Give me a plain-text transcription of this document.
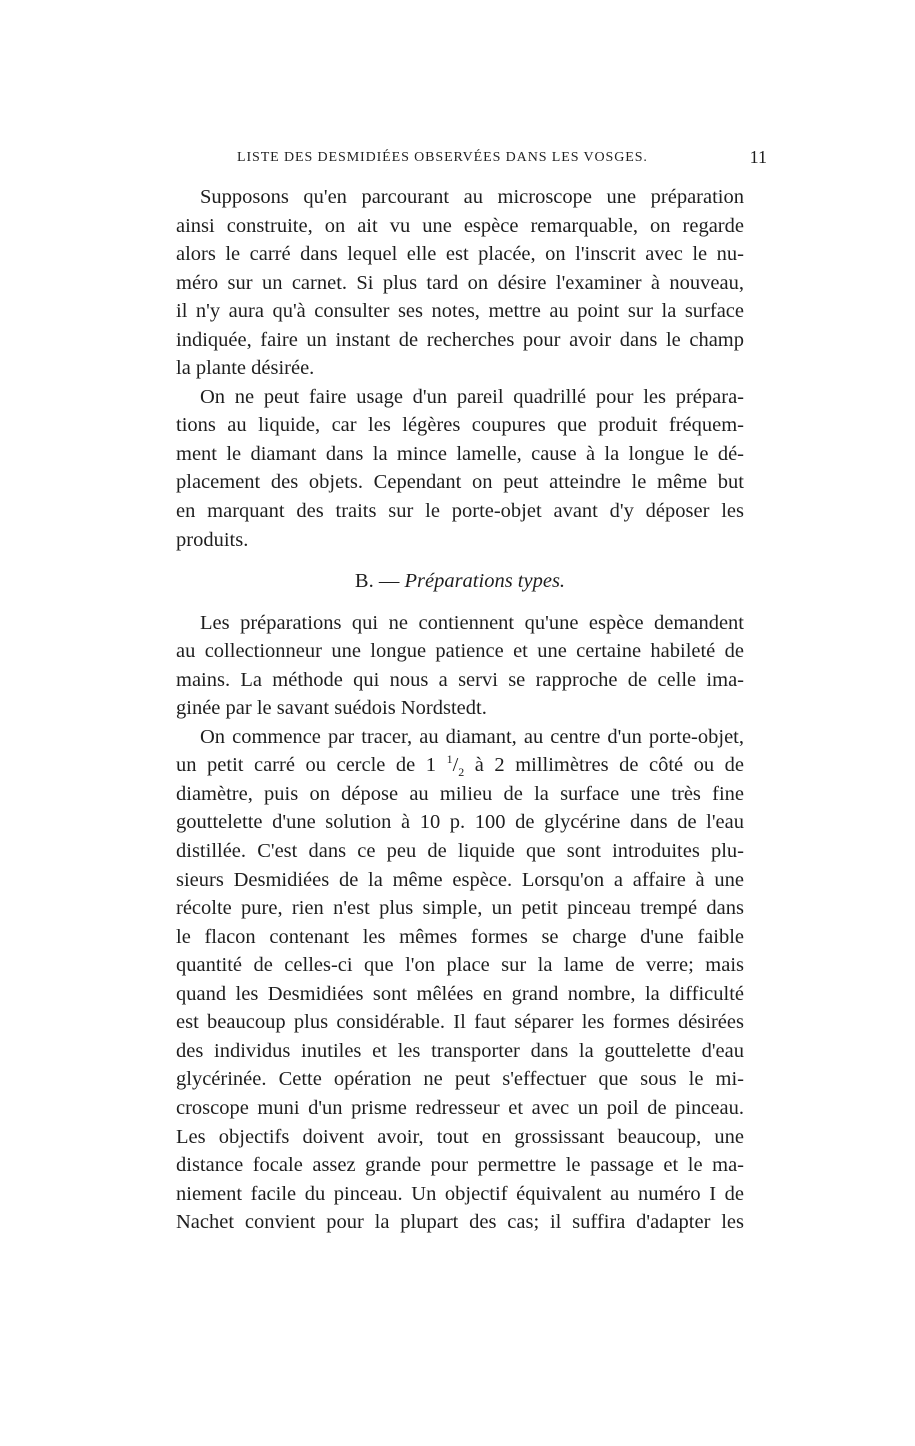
LISTE DES DESMIDIÉES OBSERVÉES DANS LES VOSGES.	11

Supposons qu'en parcourant au microscope une préparation
ainsi construite, on ait vu une espèce remarquable, on regarde
alors le carré dans lequel elle est placée, on l'inscrit avec le nu-
méro sur un carnet. Si plus tard on désire l'examiner à nouveau,
il n'y aura qu'à consulter ses notes, mettre au point sur la surface
indiquée, faire un instant de recherches pour avoir dans le champ
la plante désirée.

On ne peut faire usage d'un pareil quadrillé pour les prépara-
tions au liquide, car les légères coupures que produit fréquem-
ment le diamant dans la mince lamelle, cause à la longue le dé-
placement des objets. Cependant on peut atteindre le même but
en marquant des traits sur le porte-objet avant d'y déposer les
produits.

B. — Préparations types.

Les préparations qui ne contiennent qu'une espèce demandent
au collectionneur une longue patience et une certaine habileté de
mains. La méthode qui nous a servi se rapproche de celle ima-
ginée par le savant suédois Nordstedt.

On commence par tracer, au diamant, au centre d'un porte-objet,
un petit carré ou cercle de 1 $^1/_2$ à 2 millimètres de côté ou de
diamètre, puis on dépose au milieu de la surface une très fine
gouttelette d'une solution à 10 p. 100 de glycérine dans de l'eau
distillée. C'est dans ce peu de liquide que sont introduites plu-
sieurs Desmidiées de la même espèce. Lorsqu'on a affaire à une
récolte pure, rien n'est plus simple, un petit pinceau trempé dans
le flacon contenant les mêmes formes se charge d'une faible
quantité de celles-ci que l'on place sur la lame de verre; mais
quand les Desmidiées sont mêlées en grand nombre, la difficulté
est beaucoup plus considérable. Il faut séparer les formes désirées
des individus inutiles et les transporter dans la gouttelette d'eau
glycérinée. Cette opération ne peut s'effectuer que sous le mi-
croscope muni d'un prisme redresseur et avec un poil de pinceau.
Les objectifs doivent avoir, tout en grossissant beaucoup, une
distance focale assez grande pour permettre le passage et le ma-
niement facile du pinceau. Un objectif équivalent au numéro I de
Nachet convient pour la plupart des cas; il suffira d'adapter les
